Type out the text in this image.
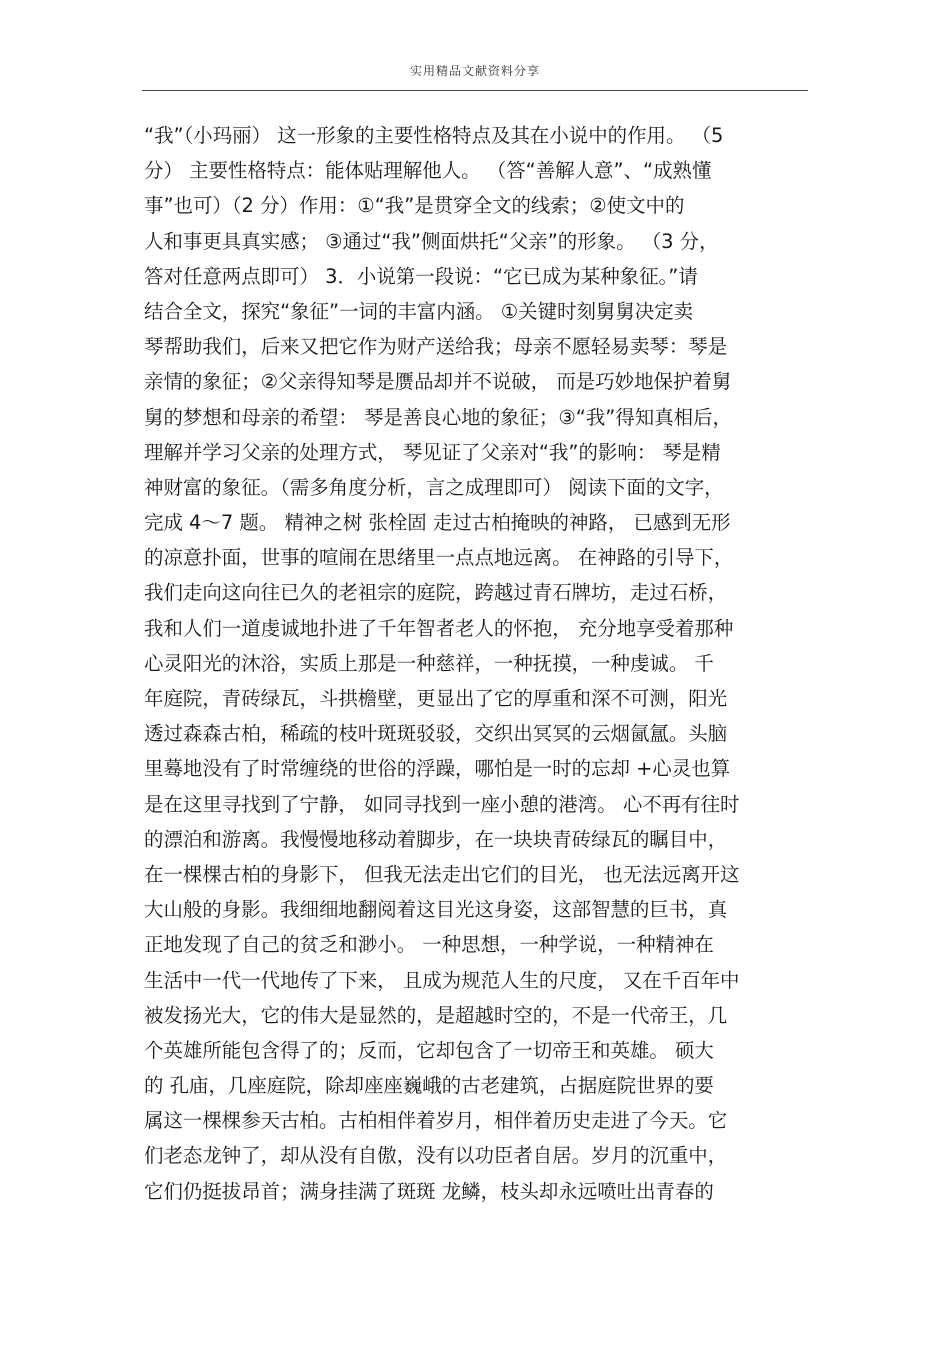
实用精品文献资料分享
“我”（小玛丽） 这一形象的主要性格特点及其在小说中的作用。 （5
分） 主要性格特点：能体贴理解他人。 （答“善解人意”、“成熟懂
事”也可）（2 分）作用：①“我”是贯穿全文的线索；②使文中的
人和事更具真实感； ③通过“我”侧面烘托“父亲”的形象。 （3 分，
答对任意两点即可） 3．小说第一段说：“它已成为某种象征。”请
结合全文，探究“象征”一词的丰富内涵。 ①关键时刻舅舅决定卖
琴帮助我们，后来又把它作为财产送给我；母亲不愿轻易卖琴：琴是
亲情的象征；②父亲得知琴是赝品却并不说破， 而是巧妙地保护着舅
舅的梦想和母亲的希望： 琴是善良心地的象征；③“我”得知真相后，
理解并学习父亲的处理方式， 琴见证了父亲对“我”的影响： 琴是精
神财富的象征。（需多角度分析，言之成理即可） 阅读下面的文字，
完成 4～7 题。 精神之树 张栓固 走过古柏掩映的神路， 已感到无形
的凉意扑面，世事的喧闹在思绪里一点点地远离。 在神路的引导下，
我们走向这向往已久的老祖宗的庭院，跨越过青石牌坊，走过石桥，
我和人们一道虔诚地扑进了千年智者老人的怀抱， 充分地享受着那种
心灵阳光的沐浴，实质上那是一种慈祥，一种抚摸，一种虔诚。 千
年庭院，青砖绿瓦，斗拱檐壁，更显出了它的厚重和深不可测，阳光
透过森森古柏，稀疏的枝叶斑斑驳驳，交织出冥冥的云烟氤氲。头脑
里蓦地没有了时常缠绕的世俗的浮躁，哪怕是一时的忘却 +心灵也算
是在这里寻找到了宁静， 如同寻找到一座小憩的港湾。 心不再有往时
的漂泊和游离。我慢慢地移动着脚步，在一块块青砖绿瓦的瞩目中，
在一棵棵古柏的身影下， 但我无法走出它们的目光， 也无法远离开这
大山般的身影。我细细地翻阅着这目光这身姿，这部智慧的巨书，真
正地发现了自己的贫乏和渺小。 一种思想，一种学说，一种精神在
生活中一代一代地传了下来， 且成为规范人生的尺度， 又在千百年中
被发扬光大，它的伟大是显然的，是超越时空的，不是一代帝王，几
个英雄所能包含得了的；反而，它却包含了一切帝王和英雄。 硕大
的 孔庙，几座庭院，除却座座巍峨的古老建筑，占据庭院世界的要
属这一棵棵参天古柏。古柏相伴着岁月，相伴着历史走进了今天。它
们老态龙钟了，却从没有自傲，没有以功臣者自居。岁月的沉重中，
它们仍挺拔昂首；满身挂满了斑斑 龙鳞，枝头却永远喷吐出青春的
